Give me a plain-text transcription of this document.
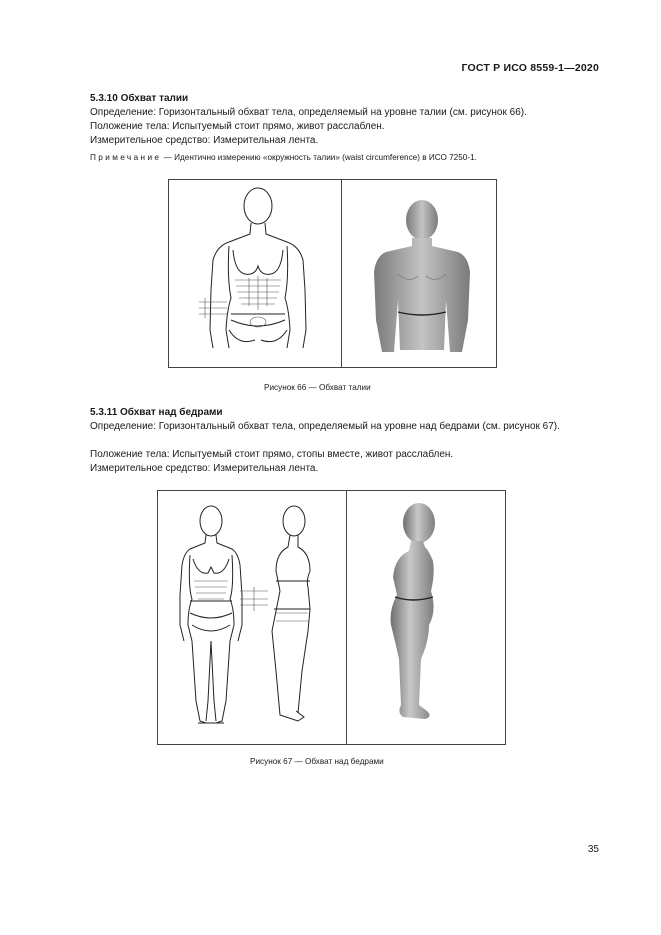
ГОСТ Р ИСО 8559-1—2020
5.3.10 Обхват талии
Определение: Горизонтальный обхват тела, определяемый на уровне талии (см. рисунок 66).
Положение тела: Испытуемый стоит прямо, живот расслаблен.
Измерительное средство: Измерительная лента.
Примечание — Идентично измерению «окружность талии» (waist circumference) в ИСО 7250-1.
Рисунок 66 — Обхват талии
5.3.11 Обхват над бедрами
Определение: Горизонтальный обхват тела, определяемый на уровне над бедрами (см. рисунок 67).
Положение тела: Испытуемый стоит прямо, стопы вместе, живот расслаблен.
Измерительное средство: Измерительная лента.
Рисунок 67 — Обхват над бедрами
35
